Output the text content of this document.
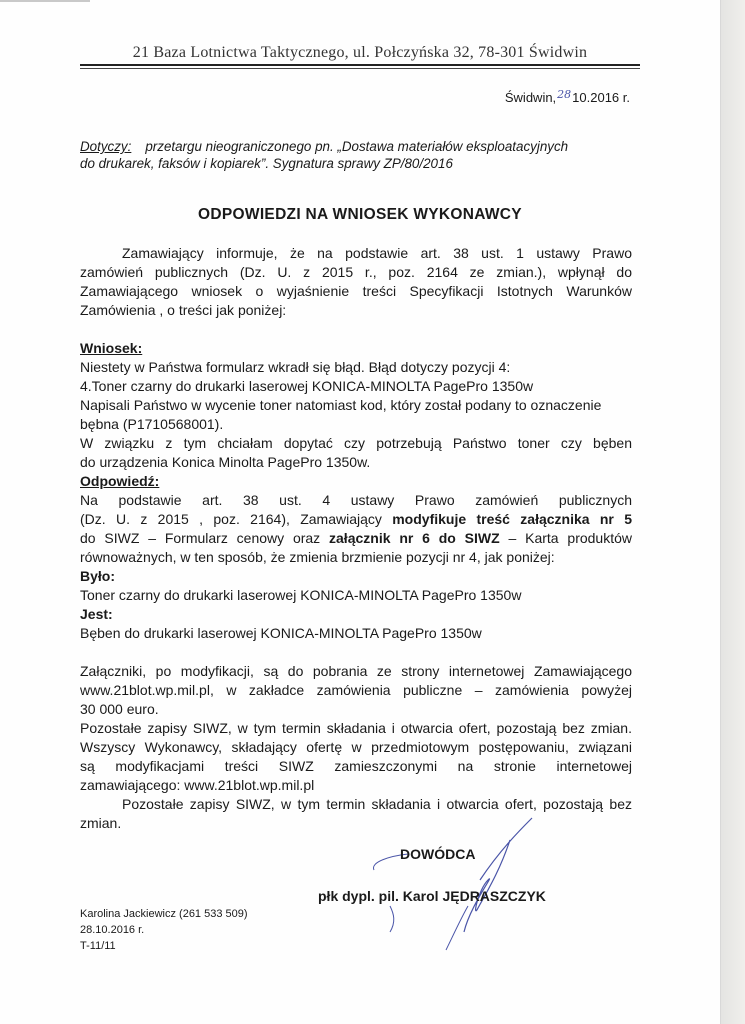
21 Baza Lotnictwa Taktycznego, ul. Połczyńska 32, 78-301 Świdwin
Świdwin,2810.2016 r.
Dotyczy: przetargu nieograniczonego pn. „Dostawa materiałów eksploatacyjnych
do drukarek, faksów i kopiarek”. Sygnatura sprawy ZP/80/2016
ODPOWIEDZI NA WNIOSEK WYKONAWCY

Zamawiający informuje, że na podstawie art. 38 ust. 1 ustawy Prawo

zamówień publicznych (Dz. U. z 2015 r., poz. 2164 ze zmian.), wpłynął do

Zamawiającego wniosek o wyjaśnienie treści Specyfikacji Istotnych Warunków

Zamówienia , o treści jak poniżej:

Wniosek:

Niestety w Państwa formularz wkradł się błąd. Błąd dotyczy pozycji 4:

4.Toner czarny do drukarki laserowej KONICA-MINOLTA PagePro 1350w

Napisali Państwo w wycenie toner natomiast kod, który został podany to oznaczenie

bębna (P1710568001).

W związku z tym chciałam dopytać czy potrzebują Państwo toner czy bęben

do urządzenia Konica Minolta PagePro 1350w.

Odpowiedź:

Na podstawie art. 38 ust. 4 ustawy Prawo zamówień publicznych

(Dz. U. z 2015 , poz. 2164), Zamawiający modyfikuje treść załącznika nr 5

do SIWZ – Formularz cenowy oraz załącznik nr 6 do SIWZ – Karta produktów

równoważnych, w ten sposób, że zmienia brzmienie pozycji nr 4, jak poniżej:

Było:

Toner czarny do drukarki laserowej KONICA-MINOLTA PagePro 1350w

Jest:

Bęben do drukarki laserowej KONICA-MINOLTA PagePro 1350w

Załączniki, po modyfikacji, są do pobrania ze strony internetowej Zamawiającego

www.21blot.wp.mil.pl, w zakładce zamówienia publiczne – zamówienia powyżej

30 000 euro.

Pozostałe zapisy SIWZ, w tym termin składania i otwarcia ofert, pozostają bez zmian.

Wszyscy Wykonawcy, składający ofertę w przedmiotowym postępowaniu, związani

są modyfikacjami treści SIWZ zamieszczonymi na stronie internetowej

zamawiającego: www.21blot.wp.mil.pl

Pozostałe zapisy SIWZ, w tym termin składania i otwarcia ofert, pozostają bez

zmian.

DOWÓDCA
płk dypl. pil. Karol JĘDRASZCZYK
Karolina Jackiewicz (261 533 509)
28.10.2016 r.
T-11/11
